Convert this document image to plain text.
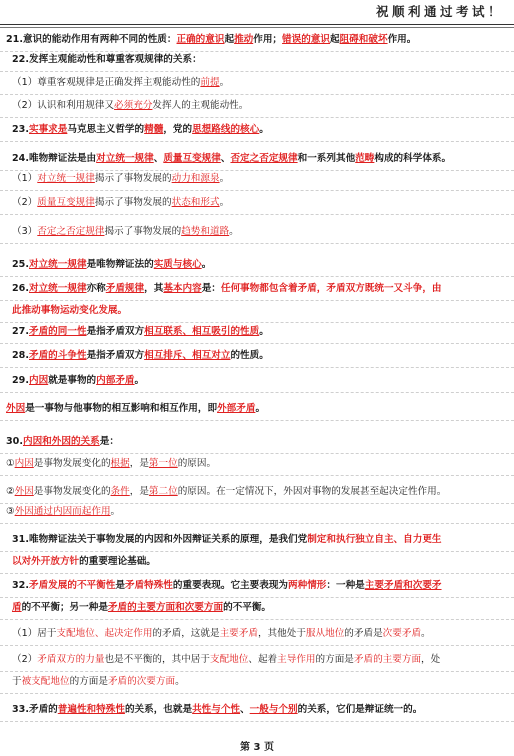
祝顺利通过考试！
21.意识的能动作用有两种不同的性质：正确的意识起推动作用；错误的意识起阻碍和破坏作用。
22.发挥主观能动性和尊重客观规律的关系：
（1）尊重客观规律是正确发挥主观能动性的前提。
（2）认识和利用规律又必须充分发挥人的主观能动性。
23.实事求是马克思主义哲学的精髓，党的思想路线的核心。
24.唯物辩证法是由对立统一规律、质量互变规律、否定之否定规律和一系列其他范畴构成的科学体系。
（1）对立统一规律揭示了事物发展的动力和源泉。
（2）质量互变规律揭示了事物发展的状态和形式。
（3）否定之否定规律揭示了事物发展的趋势和道路。
25.对立统一规律是唯物辩证法的实质与核心。
26.对立统一规律亦称矛盾规律，其基本内容是：任何事物都包含着矛盾，矛盾双方既统一又斗争，由
此推动事物运动变化发展。
27.矛盾的同一性是指矛盾双方相互联系、相互吸引的性质。
28.矛盾的斗争性是指矛盾双方相互排斥、相互对立的性质。
29.内因就是事物的内部矛盾。
外因是一事物与他事物的相互影响和相互作用，即外部矛盾。
30.内因和外因的关系是：
①内因是事物发展变化的根据，是第一位的原因。
②外因是事物发展变化的条件，是第二位的原因。在一定情况下，外因对事物的发展甚至起决定性作用。
③外因通过内因而起作用。
31.唯物辩证法关于事物发展的内因和外因辩证关系的原理，是我们党制定和执行独立自主、自力更生
以对外开放方针的重要理论基础。
32.矛盾发展的不平衡性是矛盾特殊性的重要表现。它主要表现为两种情形：一种是主要矛盾和次要矛
盾的不平衡；另一种是矛盾的主要方面和次要方面的不平衡。
（1）居于支配地位、起决定作用的矛盾，这就是主要矛盾，其他处于服从地位的矛盾是次要矛盾。
（2）矛盾双方的力量也是不平衡的，其中居于支配地位、起着主导作用的方面是矛盾的主要方面，处
于被支配地位的方面是矛盾的次要方面。
33.矛盾的普遍性和特殊性的关系，也就是共性与个性、一般与个别的关系，它们是辩证统一的。
第 3 页
